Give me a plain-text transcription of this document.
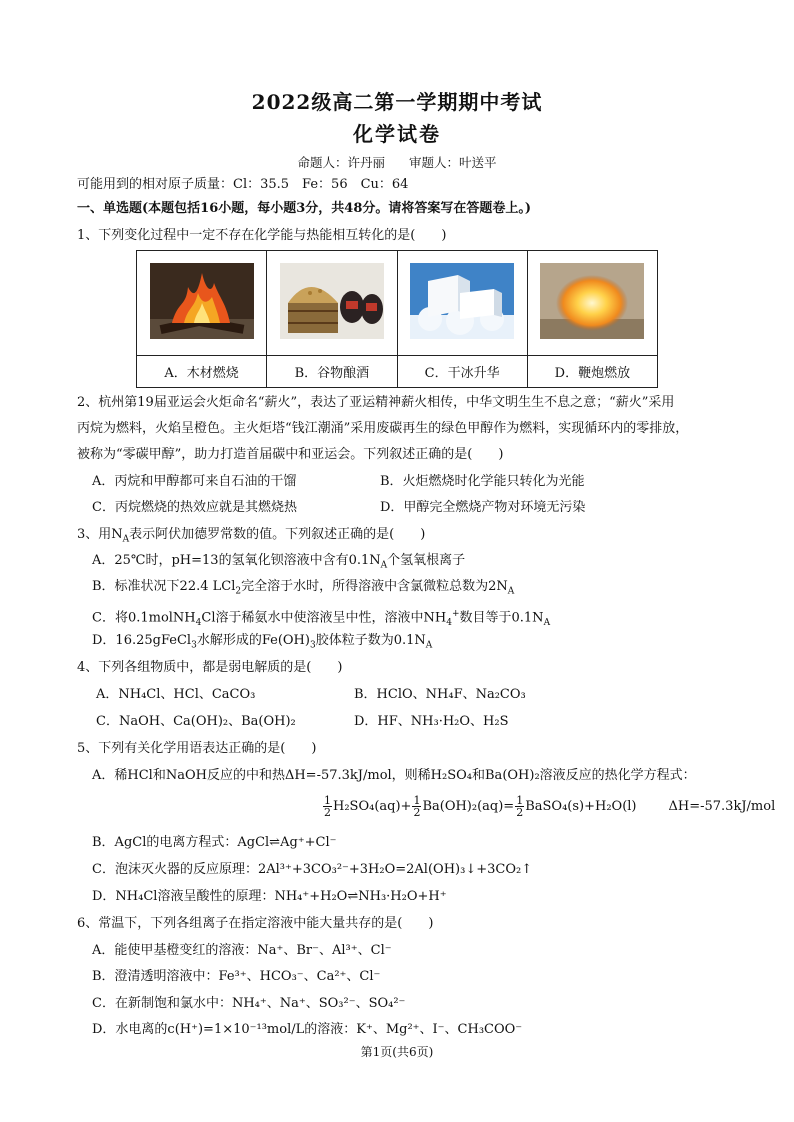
2022级高二第一学期期中考试
化学试卷
命题人：许丹丽 审题人：叶送平
可能用到的相对原子质量：Cl：35.5　Fe：56　Cu：64
一、单选题(本题包括16小题，每小题3分，共48分。请将答案写在答题卷上。)
1、下列变化过程中一定不存在化学能与热能相互转化的是(　　)

A．木材燃烧	B．谷物酿酒	C．干冰升华	D．鞭炮燃放
2、杭州第19届亚运会火炬命名“薪火”，表达了亚运精神薪火相传，中华文明生生不息之意；“薪火”采用
丙烷为燃料，火焰呈橙色。主火炬塔“钱江潮涌”采用废碳再生的绿色甲醇作为燃料，实现循环内的零排放，
被称为“零碳甲醇”，助力打造首届碳中和亚运会。下列叙述正确的是(　　)
A．丙烷和甲醇都可来自石油的干馏	B．火炬燃烧时化学能只转化为光能
C．丙烷燃烧的热效应就是其燃烧热	D．甲醇完全燃烧产物对环境无污染
3、用$N_A$表示阿伏加德罗常数的值。下列叙述正确的是(　　)
A．25℃时，pH=13的氢氧化钡溶液中含有$0.1N_A$个氢氧根离子
B．标准状况下22.4 LCl$_2$完全溶于水时，所得溶液中含氯微粒总数为$2N_A$
C．将0.1molNH$_4$Cl溶于稀氨水中使溶液呈中性，溶液中$NH_4^+$数目等于$0.1N_A$
D．16.25gFeCl$_3$水解形成的$Fe(OH)_3$胶体粒子数为$0.1N_A$
4、下列各组物质中，都是弱电解质的是(　　)
A．NH₄Cl、HCl、CaCO₃	B．HClO、NH₄F、Na₂CO₃
C．NaOH、Ca(OH)₂、Ba(OH)₂	D．HF、NH₃·H₂O、H₂S
5、下列有关化学用语表达正确的是(　　)
A．稀HCl和NaOH反应的中和热ΔH=-57.3kJ/mol，则稀H₂SO₄和Ba(OH)₂溶液反应的热化学方程式：
$\frac{1}{2} H_2SO_4(aq)+ \frac{1}{2} Ba(OH)_2(aq)= \frac{1}{2}$ BaSO₄(s)+H₂O(l) ΔH=-57.3kJ/mol
B．AgCl的电离方程式：AgCl⇌Ag⁺+Cl⁻
C．泡沫灭火器的反应原理：2Al³⁺+3CO₃²⁻+3H₂O=2Al(OH)₃↓+3CO₂↑
D．NH₄Cl溶液呈酸性的原理：NH₄⁺+H₂O⇌NH₃·H₂O+H⁺
6、常温下，下列各组离子在指定溶液中能大量共存的是(　　)
A．能使甲基橙变红的溶液：Na⁺、Br⁻、Al³⁺、Cl⁻
B．澄清透明溶液中：Fe³⁺、HCO₃⁻、Ca²⁺、Cl⁻
C．在新制饱和氯水中：NH₄⁺、Na⁺、SO₃²⁻、SO₄²⁻
D．水电离的c(H⁺)=1×10⁻¹³mol/L的溶液：K⁺、Mg²⁺、I⁻、CH₃COO⁻
第1页(共6页)
